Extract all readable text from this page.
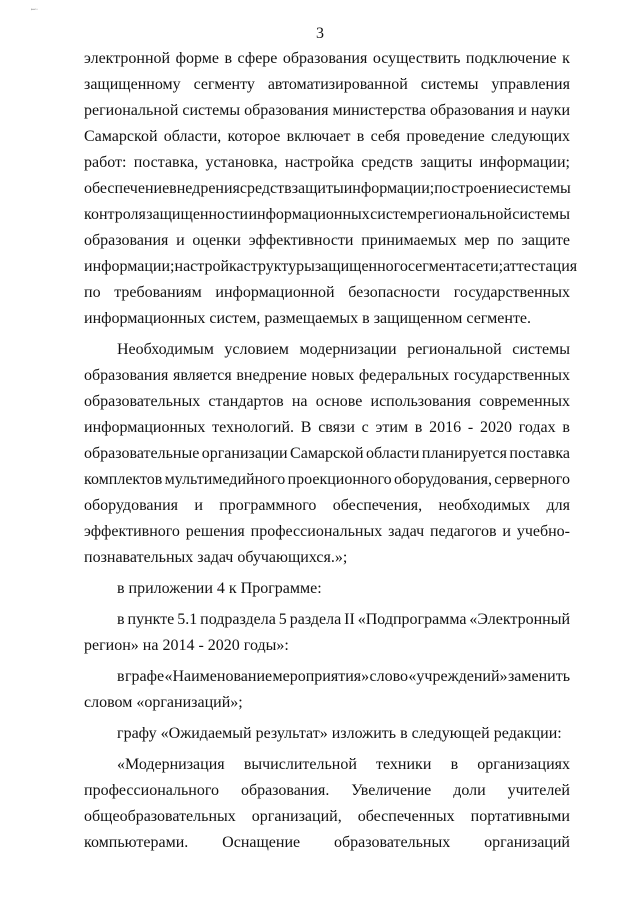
i
3
электронной форме в сфере образования осуществить подключение к
защищенному сегменту автоматизированной системы управления
региональной системы образования министерства образования и науки
Самарской области, которое включает в себя проведение следующих
работ: поставка, установка, настройка средств защиты информации;
обеспечение внедрения средств защиты информации; построение системы
контроля защищенности информационных систем региональной системы
образования и оценки эффективности принимаемых мер по защите
информации; настройка структуры защищенного сегмента сети; аттестация
по требованиям информационной безопасности государственных
информационных систем, размещаемых в защищенном сегменте.
Необходимым условием модернизации региональной системы
образования является внедрение новых федеральных государственных
образовательных стандартов на основе использования современных
информационных технологий. В связи с этим в 2016 - 2020 годах в
образовательные организации Самарской области планируется поставка
комплектов мультимедийного проекционного оборудования, серверного
оборудования и программного обеспечения, необходимых для
эффективного решения профессиональных задач педагогов и учебно-
познавательных задач обучающихся.»;
в приложении 4 к Программе:
в пункте 5.1 подраздела 5 раздела II «Подпрограмма «Электронный
регион» на 2014 - 2020 годы»:
в графе «Наименование мероприятия» слово «учреждений» заменить
словом «организаций»;
графу «Ожидаемый результат» изложить в следующей редакции:
«Модернизация вычислительной техники в организациях
профессионального образования. Увеличение доли учителей
общеобразовательных организаций, обеспеченных портативными
компьютерами. Оснащение образовательных организаций
